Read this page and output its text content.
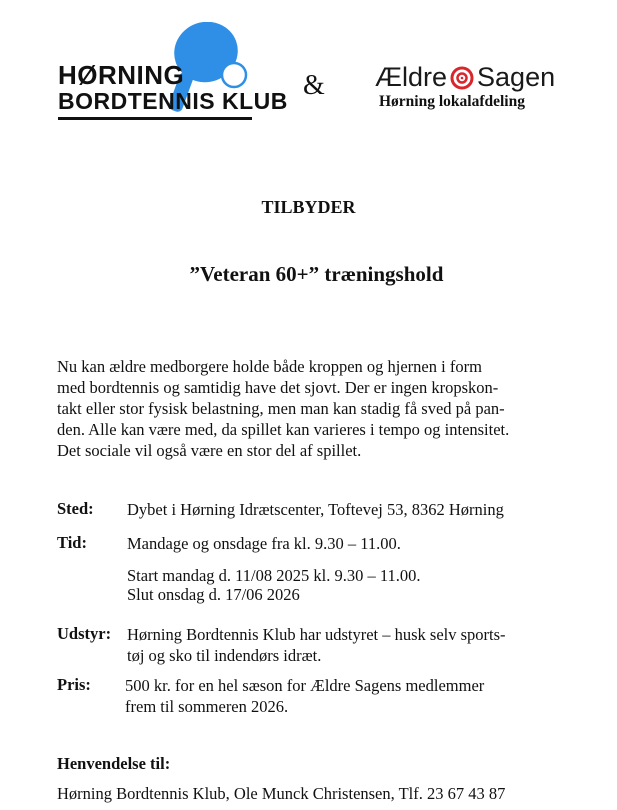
HØRNING
BORDTENNIS KLUB & Ældre Sagen
Hørning lokalafdeling
TILBYDER
”Veteran 60+” træningshold
Nu kan ældre medborgere holde både kroppen og hjernen i form
med bordtennis og samtidig have det sjovt. Der er ingen kropskon-
takt eller stor fysisk belastning, men man kan stadig få sved på pan-
den. Alle kan være med, da spillet kan varieres i tempo og intensitet.
Det sociale vil også være en stor del af spillet.
Sted: Dybet i Hørning Idrætscenter, Toftevej 53, 8362 Hørning
Tid: Mandage og onsdage fra kl. 9.30 – 11.00.
Start mandag d. 11/08 2025 kl. 9.30 – 11.00.
Slut onsdag d. 17/06 2026
Udstyr: Hørning Bordtennis Klub har udstyret – husk selv sports-
tøj og sko til indendørs idræt.
Pris: 500 kr. for en hel sæson for Ældre Sagens medlemmer
frem til sommeren 2026.
Henvendelse til:
Hørning Bordtennis Klub, Ole Munck Christensen, Tlf. 23 67 43 87
